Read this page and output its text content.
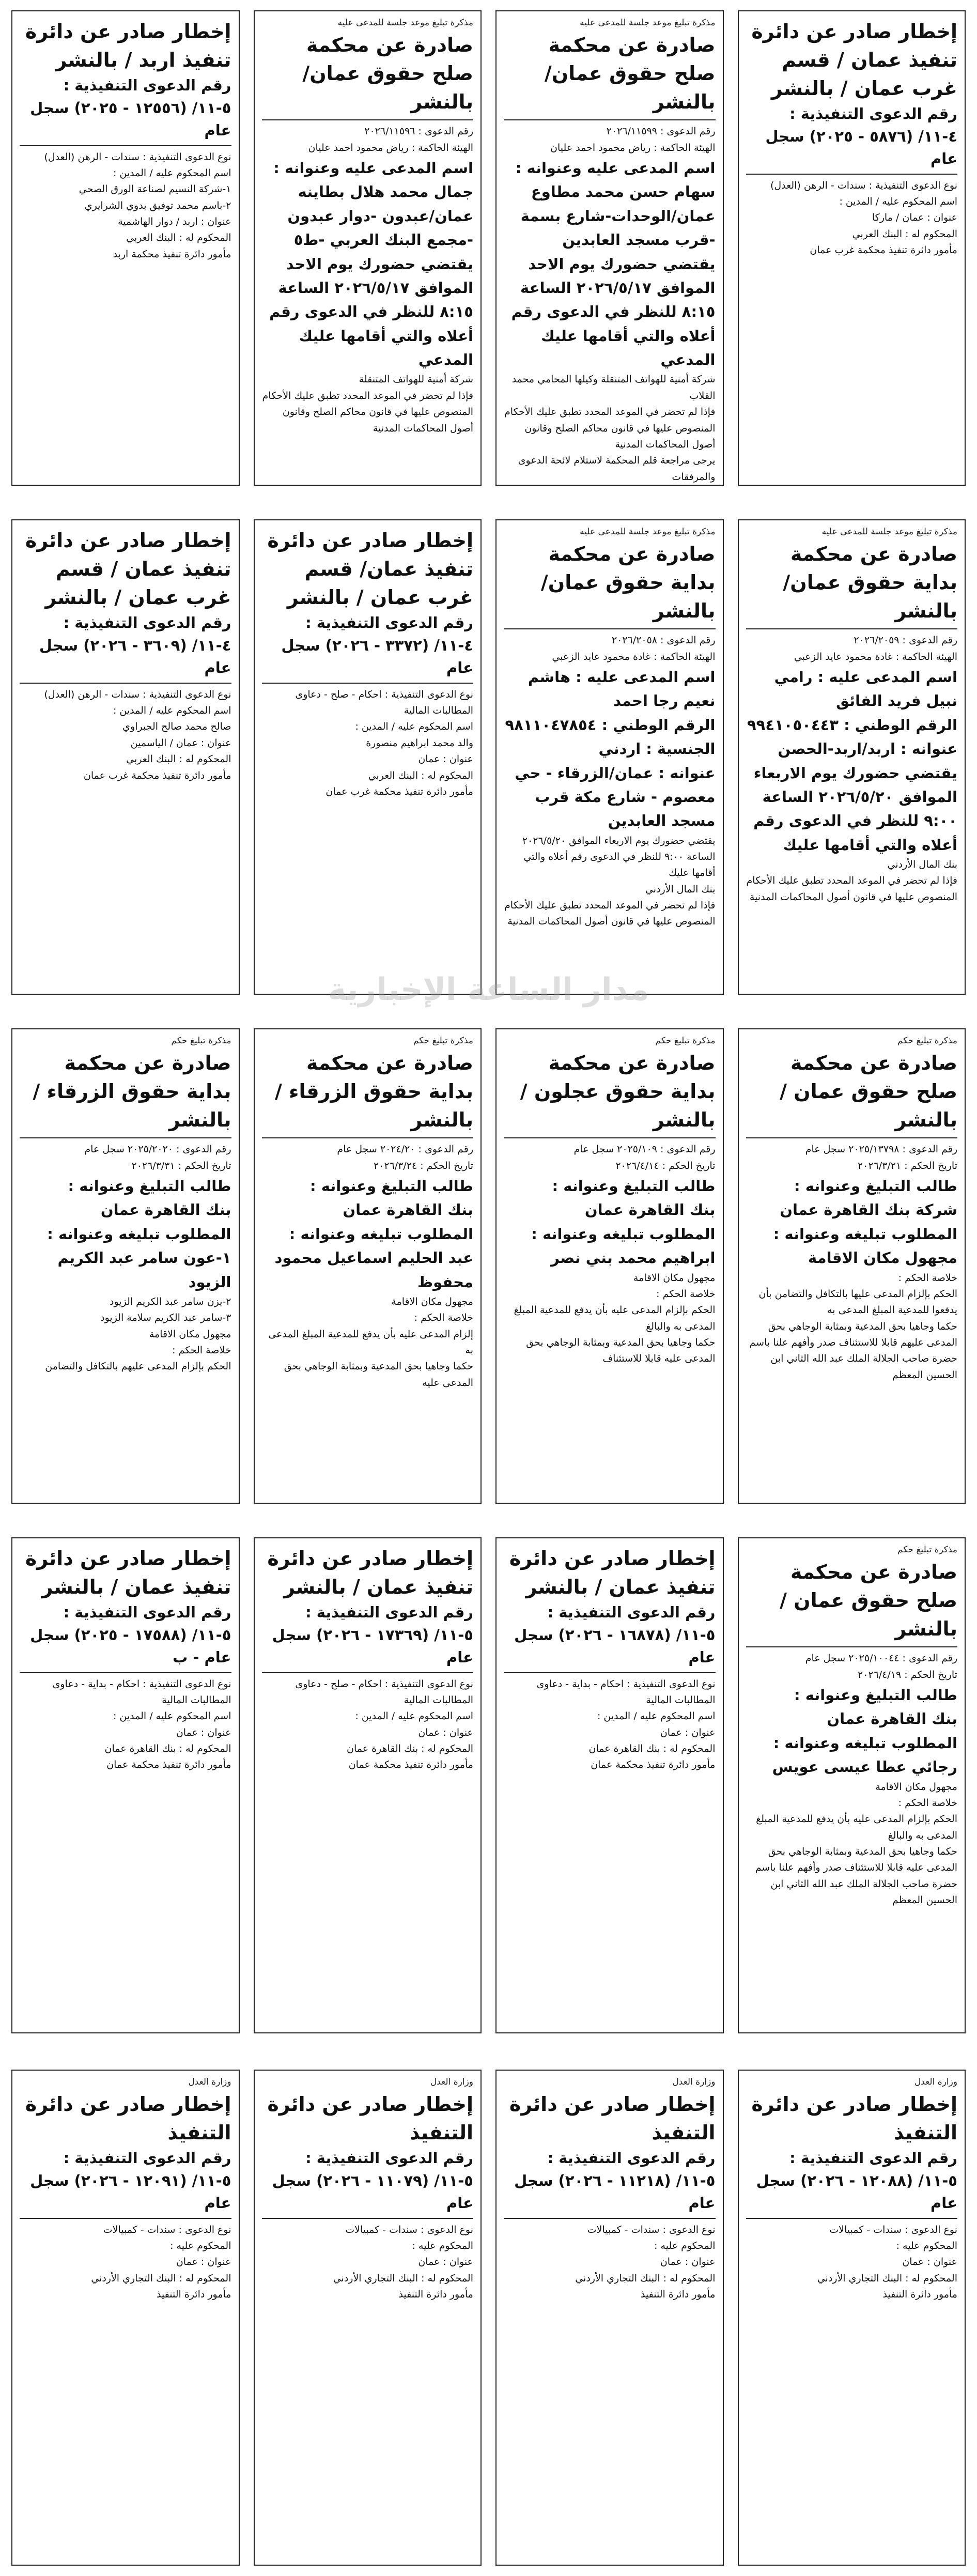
إخطار صادر عن دائرة تنفيذ عمان / قسم غرب عمان / بالنشر
رقم الدعوى التنفيذية : ٤-١١/ (٥٨٧٦ - ٢٠٢٥) سجل عام
نوع الدعوى التنفيذية : سندات - الرهن (العدل)
اسم المحكوم عليه / المدين :
عنوان : عمان / ماركا
المحكوم له : البنك العربي
مأمور دائرة تنفيذ محكمة غرب عمان
مذكرة تبليغ موعد جلسة للمدعى عليه
صادرة عن محكمة صلح حقوق عمان/بالنشر
رقم الدعوى : ٢٠٢٦/١١٥٩٩
الهيئة الحاكمة : رياض محمود احمد عليان
اسم المدعى عليه وعنوانه :
سهام حسن محمد مطاوع
عمان/الوحدات-شارع بسمة -قرب مسجد العابدين
يقتضي حضورك يوم الاحد الموافق ٢٠٢٦/٥/١٧ الساعة ٨:١٥ للنظر في الدعوى رقم أعلاه والتي أقامها عليك المدعي
شركة أمنية للهواتف المتنقلة وكيلها المحامي محمد القلاب
فإذا لم تحضر في الموعد المحدد تطبق عليك الأحكام المنصوص عليها في قانون محاكم الصلح وقانون أصول المحاكمات المدنية
يرجى مراجعة قلم المحكمة لاستلام لائحة الدعوى والمرفقات
مذكرة تبليغ موعد جلسة للمدعى عليه
صادرة عن محكمة صلح حقوق عمان/بالنشر
رقم الدعوى : ٢٠٢٦/١١٥٩٦
الهيئة الحاكمة : رياض محمود احمد عليان
اسم المدعى عليه وعنوانه :
جمال محمد هلال بطاينه
عمان/عبدون -دوار عبدون -مجمع البنك العربي -ط٥
يقتضي حضورك يوم الاحد الموافق ٢٠٢٦/٥/١٧ الساعة ٨:١٥ للنظر في الدعوى رقم أعلاه والتي أقامها عليك المدعي
شركة أمنية للهواتف المتنقلة
فإذا لم تحضر في الموعد المحدد تطبق عليك الأحكام المنصوص عليها في قانون محاكم الصلح وقانون أصول المحاكمات المدنية
إخطار صادر عن دائرة تنفيذ اربد / بالنشر
رقم الدعوى التنفيذية : ٥-١١/ (١٢٥٥٦ - ٢٠٢٥) سجل عام
نوع الدعوى التنفيذية : سندات - الرهن (العدل)
اسم المحكوم عليه / المدين :
١-شركة النسيم لصناعة الورق الصحي
٢-باسم محمد توفيق بدوي الشرايري
عنوان : اربد / دوار الهاشمية
المحكوم له : البنك العربي
مأمور دائرة تنفيذ محكمة اربد
مذكرة تبليغ موعد جلسة للمدعى عليه
صادرة عن محكمة بداية حقوق عمان/بالنشر
رقم الدعوى : ٢٠٢٦/٢٠٥٩
الهيئة الحاكمة : غادة محمود عايد الزعبي
اسم المدعى عليه : رامي نبيل فريد الفائق
الرقم الوطني : ٩٩٤١٠٥٠٤٤٣
عنوانه : اربد/اربد-الحصن
يقتضي حضورك يوم الاربعاء الموافق ٢٠٢٦/٥/٢٠ الساعة ٩:٠٠ للنظر في الدعوى رقم أعلاه والتي أقامها عليك
بنك المال الأردني
فإذا لم تحضر في الموعد المحدد تطبق عليك الأحكام المنصوص عليها في قانون أصول المحاكمات المدنية
مذكرة تبليغ موعد جلسة للمدعى عليه
صادرة عن محكمة بداية حقوق عمان/بالنشر
رقم الدعوى : ٢٠٢٦/٢٠٥٨
الهيئة الحاكمة : غادة محمود عايد الزعبي
اسم المدعى عليه : هاشم نعيم رجا احمد
الرقم الوطني : ٩٨١١٠٤٧٨٥٤
الجنسية : اردني
عنوانه : عمان/الزرقاء - حي معصوم - شارع مكة قرب مسجد العابدين
يقتضي حضورك يوم الاربعاء الموافق ٢٠٢٦/٥/٢٠ الساعة ٩:٠٠ للنظر في الدعوى رقم أعلاه والتي أقامها عليك
بنك المال الأردني
فإذا لم تحضر في الموعد المحدد تطبق عليك الأحكام المنصوص عليها في قانون أصول المحاكمات المدنية
إخطار صادر عن دائرة تنفيذ عمان/ قسم غرب عمان / بالنشر
رقم الدعوى التنفيذية : ٤-١١/ (٣٣٧٢ - ٢٠٢٦) سجل عام
نوع الدعوى التنفيذية : احكام - صلح - دعاوى المطالبات المالية
اسم المحكوم عليه / المدين :
والد محمد ابراهيم منصورة
عنوان : عمان
المحكوم له : البنك العربي
مأمور دائرة تنفيذ محكمة غرب عمان
إخطار صادر عن دائرة تنفيذ عمان / قسم غرب عمان / بالنشر
رقم الدعوى التنفيذية : ٤-١١/ (٣٦٠٩ - ٢٠٢٦) سجل عام
نوع الدعوى التنفيذية : سندات - الرهن (العدل)
اسم المحكوم عليه / المدين :
صالح محمد صالح الجبراوي
عنوان : عمان / الياسمين
المحكوم له : البنك العربي
مأمور دائرة تنفيذ محكمة غرب عمان
مذكرة تبليغ حكم
صادرة عن محكمة صلح حقوق عمان /بالنشر
رقم الدعوى : ٢٠٢٥/١٣٧٩٨ سجل عام
تاريخ الحكم : ٢٠٢٦/٣/٢١
طالب التبليغ وعنوانه :
شركة بنك القاهرة عمان
المطلوب تبليغه وعنوانه :
مجهول مكان الاقامة
خلاصة الحكم :
الحكم بإلزام المدعى عليها بالتكافل والتضامن بأن يدفعوا للمدعية المبلغ المدعى به
حكما وجاهيا بحق المدعية وبمثابة الوجاهي بحق المدعى عليهم قابلا للاستئناف صدر وأفهم علنا باسم حضرة صاحب الجلالة الملك عبد الله الثاني ابن الحسين المعظم
مذكرة تبليغ حكم
صادرة عن محكمة بداية حقوق عجلون / بالنشر
رقم الدعوى : ٢٠٢٥/١٠٩ سجل عام
تاريخ الحكم : ٢٠٢٦/٤/١٤
طالب التبليغ وعنوانه :
بنك القاهرة عمان
المطلوب تبليغه وعنوانه :
ابراهيم محمد بني نصر
مجهول مكان الاقامة
خلاصة الحكم :
الحكم بإلزام المدعى عليه بأن يدفع للمدعية المبلغ المدعى به والبالغ
حكما وجاهيا بحق المدعية وبمثابة الوجاهي بحق المدعى عليه قابلا للاستئناف
مذكرة تبليغ حكم
صادرة عن محكمة بداية حقوق الزرقاء /بالنشر
رقم الدعوى : ٢٠٢٤/٢٠ سجل عام
تاريخ الحكم : ٢٠٢٦/٣/٢٤
طالب التبليغ وعنوانه :
بنك القاهرة عمان
المطلوب تبليغه وعنوانه :
عبد الحليم اسماعيل محمود محفوظ
مجهول مكان الاقامة
خلاصة الحكم :
إلزام المدعى عليه بأن يدفع للمدعية المبلغ المدعى به
حكما وجاهيا بحق المدعية وبمثابة الوجاهي بحق المدعى عليه
مذكرة تبليغ حكم
صادرة عن محكمة بداية حقوق الزرقاء /بالنشر
رقم الدعوى : ٢٠٢٥/٢٠٢٠ سجل عام
تاريخ الحكم : ٢٠٢٦/٣/٣١
طالب التبليغ وعنوانه :
بنك القاهرة عمان
المطلوب تبليغه وعنوانه :
١-عون سامر عبد الكريم الزيود
٢-يزن سامر عبد الكريم الزيود
٣-سامر عبد الكريم سلامة الزيود
مجهول مكان الاقامة
خلاصة الحكم :
الحكم بإلزام المدعى عليهم بالتكافل والتضامن
مذكرة تبليغ حكم
صادرة عن محكمة صلح حقوق عمان /بالنشر
رقم الدعوى : ٢٠٢٥/١٠٠٤٤ سجل عام
تاريخ الحكم : ٢٠٢٦/٤/١٩
طالب التبليغ وعنوانه :
بنك القاهرة عمان
المطلوب تبليغه وعنوانه :
رجائي عطا عيسى عويس
مجهول مكان الاقامة
خلاصة الحكم :
الحكم بإلزام المدعى عليه بأن يدفع للمدعية المبلغ المدعى به والبالغ
حكما وجاهيا بحق المدعية وبمثابة الوجاهي بحق المدعى عليه قابلا للاستئناف صدر وأفهم علنا باسم حضرة صاحب الجلالة الملك عبد الله الثاني ابن الحسين المعظم
إخطار صادر عن دائرة تنفيذ عمان / بالنشر
رقم الدعوى التنفيذية : ٥-١١/ (١٦٨٧٨ - ٢٠٢٦) سجل عام
نوع الدعوى التنفيذية : احكام - بداية - دعاوى المطالبات المالية
اسم المحكوم عليه / المدين :
عنوان : عمان
المحكوم له : بنك القاهرة عمان
مأمور دائرة تنفيذ محكمة عمان
إخطار صادر عن دائرة تنفيذ عمان / بالنشر
رقم الدعوى التنفيذية : ٥-١١/ (١٧٣٦٩ - ٢٠٢٦) سجل عام
نوع الدعوى التنفيذية : احكام - صلح - دعاوى المطالبات المالية
اسم المحكوم عليه / المدين :
عنوان : عمان
المحكوم له : بنك القاهرة عمان
مأمور دائرة تنفيذ محكمة عمان
إخطار صادر عن دائرة تنفيذ عمان / بالنشر
رقم الدعوى التنفيذية : ٥-١١/ (١٧٥٨٨ - ٢٠٢٥) سجل عام - ب
نوع الدعوى التنفيذية : احكام - بداية - دعاوى المطالبات المالية
اسم المحكوم عليه / المدين :
عنوان : عمان
المحكوم له : بنك القاهرة عمان
مأمور دائرة تنفيذ محكمة عمان
وزارة العدل
إخطار صادر عن دائرة التنفيذ
رقم الدعوى التنفيذية : ٥-١١/ (١٢٠٨٨ - ٢٠٢٦) سجل عام
نوع الدعوى : سندات - كمبيالات
المحكوم عليه :
عنوان : عمان
المحكوم له : البنك التجاري الأردني
مأمور دائرة التنفيذ
وزارة العدل
إخطار صادر عن دائرة التنفيذ
رقم الدعوى التنفيذية : ٥-١١/ (١١٢١٨ - ٢٠٢٦) سجل عام
نوع الدعوى : سندات - كمبيالات
المحكوم عليه :
عنوان : عمان
المحكوم له : البنك التجاري الأردني
مأمور دائرة التنفيذ
وزارة العدل
إخطار صادر عن دائرة التنفيذ
رقم الدعوى التنفيذية : ٥-١١/ (١١٠٧٩ - ٢٠٢٦) سجل عام
نوع الدعوى : سندات - كمبيالات
المحكوم عليه :
عنوان : عمان
المحكوم له : البنك التجاري الأردني
مأمور دائرة التنفيذ
وزارة العدل
إخطار صادر عن دائرة التنفيذ
رقم الدعوى التنفيذية : ٥-١١/ (١٢٠٩١ - ٢٠٢٦) سجل عام
نوع الدعوى : سندات - كمبيالات
المحكوم عليه :
عنوان : عمان
المحكوم له : البنك التجاري الأردني
مأمور دائرة التنفيذ
مدار الساعة الإخبارية
